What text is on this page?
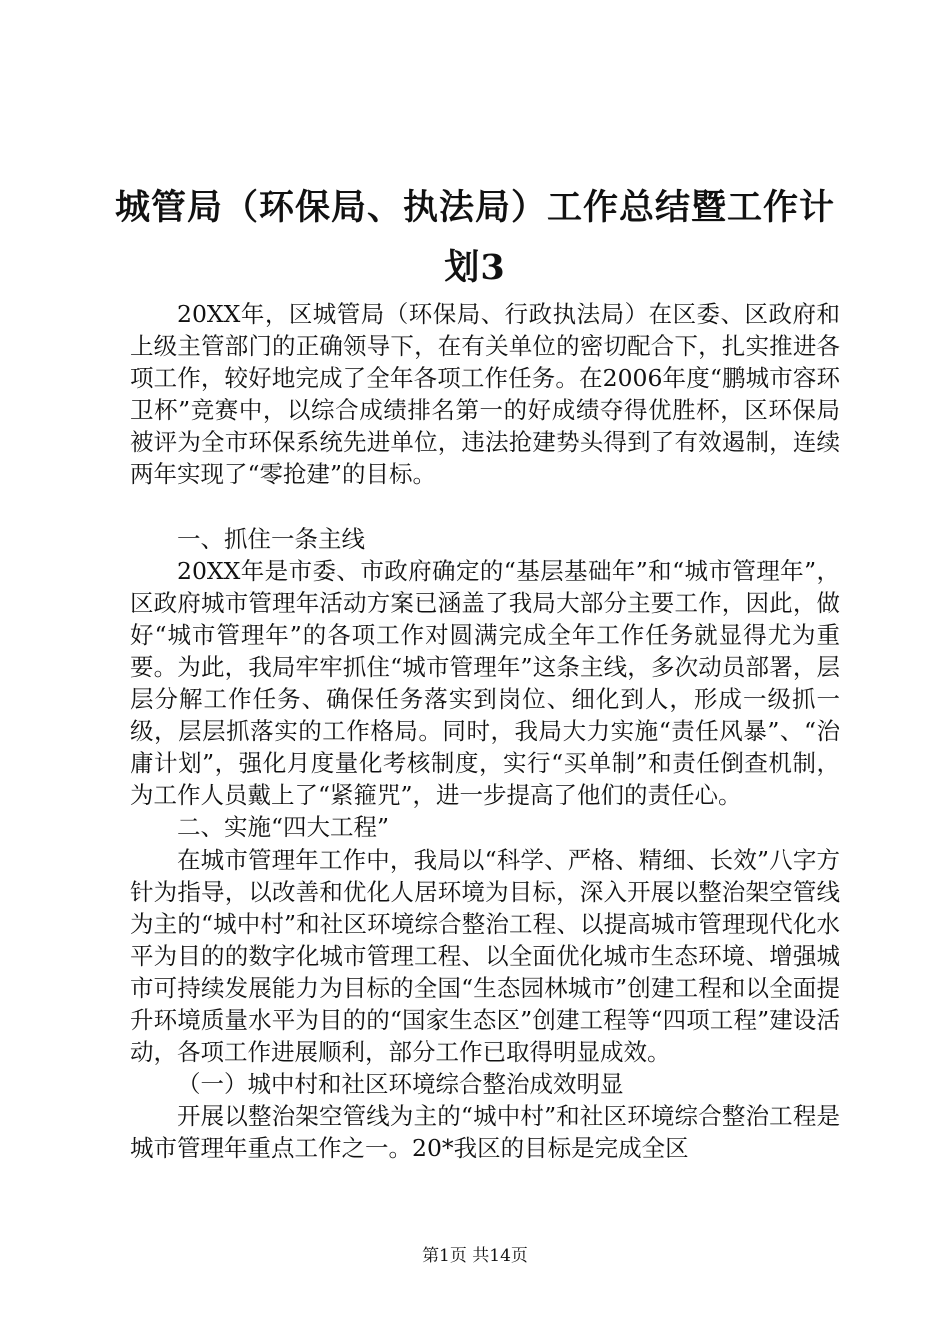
城管局（环保局、执法局）工作总结暨工作计
划3

20XX年，区城管局（环保局、行政执法局）在区委、区政府和上级主管部门的正确领导下，在有关单位的密切配合下，扎实推进各项工作，较好地完成了全年各项工作任务。在2006年度“鹏城市容环卫杯”竞赛中，以综合成绩排名第一的好成绩夺得优胜杯，区环保局被评为全市环保系统先进单位，违法抢建势头得到了有效遏制，连续两年实现了“零抢建”的目标。

一、抓住一条主线

20XX年是市委、市政府确定的“基层基础年”和“城市管理年”，区政府城市管理年活动方案已涵盖了我局大部分主要工作，因此，做好“城市管理年”的各项工作对圆满完成全年工作任务就显得尤为重要。为此，我局牢牢抓住“城市管理年”这条主线，多次动员部署，层层分解工作任务、确保任务落实到岗位、细化到人，形成一级抓一级，层层抓落实的工作格局。同时，我局大力实施“责任风暴”、“治庸计划”，强化月度量化考核制度，实行“买单制”和责任倒查机制，为工作人员戴上了“紧箍咒”，进一步提高了他们的责任心。

二、实施“四大工程”

在城市管理年工作中，我局以“科学、严格、精细、长效”八字方针为指导，以改善和优化人居环境为目标，深入开展以整治架空管线为主的“城中村”和社区环境综合整治工程、以提高城市管理现代化水平为目的的数字化城市管理工程、以全面优化城市生态环境、增强城市可持续发展能力为目标的全国“生态园林城市”创建工程和以全面提升环境质量水平为目的的“国家生态区”创建工程等“四项工程”建设活动，各项工作进展顺利，部分工作已取得明显成效。

（一）城中村和社区环境综合整治成效明显

开展以整治架空管线为主的“城中村”和社区环境综合整治工程是城市管理年重点工作之一。20*我区的目标是完成全区

第1页 共14页
